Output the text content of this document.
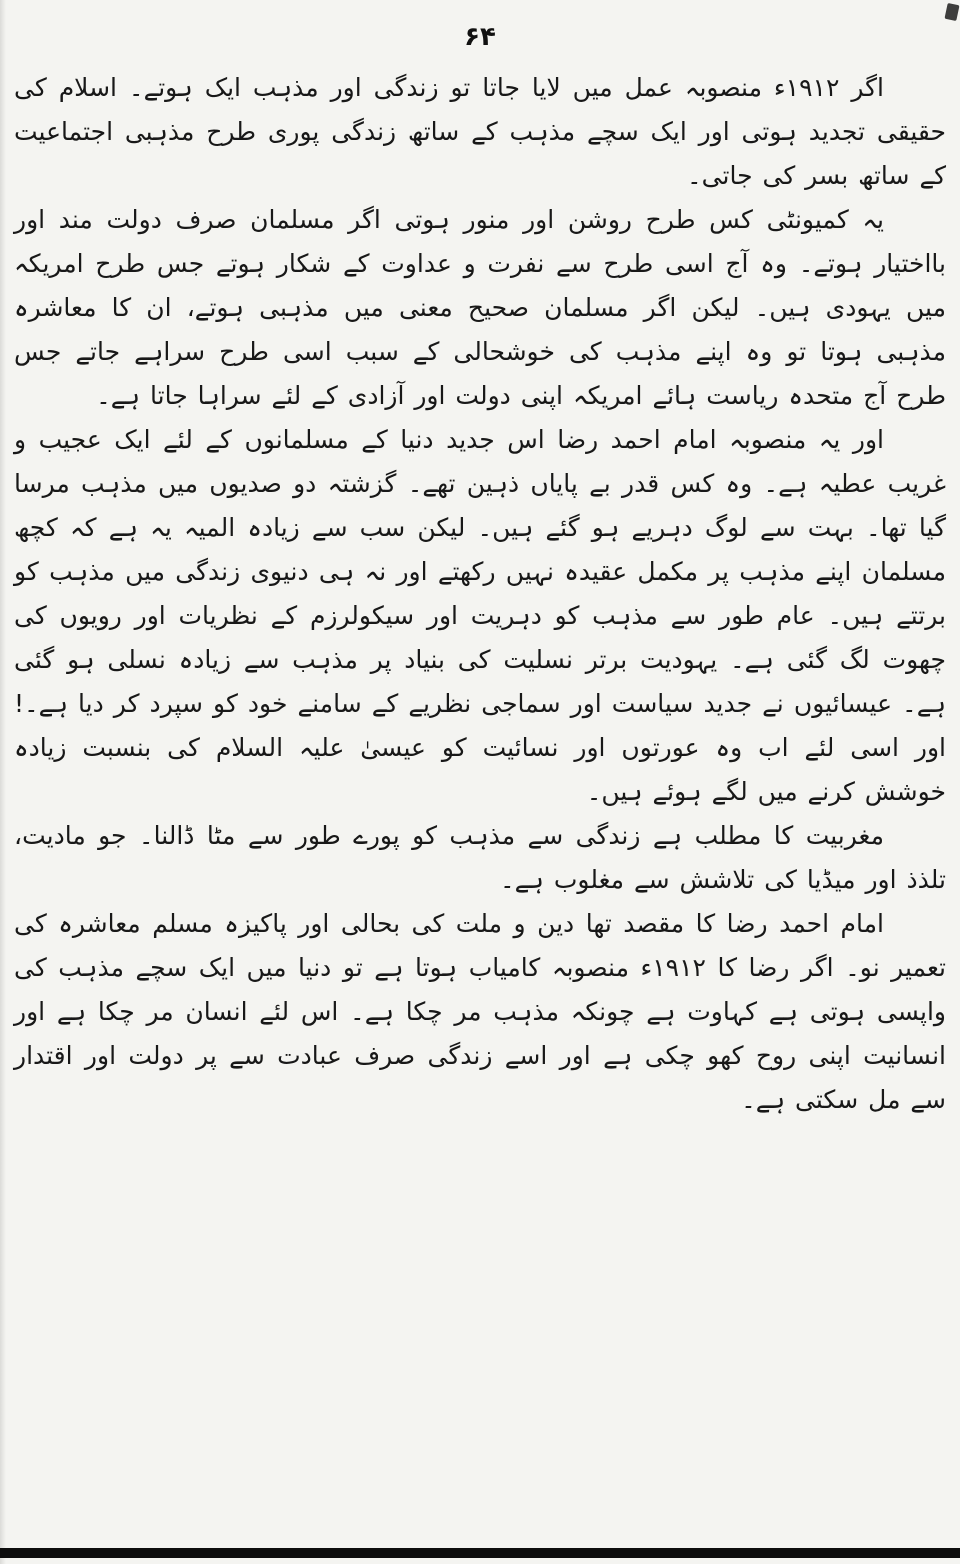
۶۴

اگر ۱۹۱۲ء منصوبہ عمل میں لایا جاتا تو زندگی اور مذہب ایک ہوتے۔ اسلام کی حقیقی تجدید ہوتی اور ایک سچے مذہب کے ساتھ زندگی پوری طرح مذہبی اجتماعیت کے ساتھ بسر کی جاتی۔

یہ کمیونٹی کس طرح روشن اور منور ہوتی اگر مسلمان صرف دولت مند اور بااختیار ہوتے۔ وہ آج اسی طرح سے نفرت و عداوت کے شکار ہوتے جس طرح امریکہ میں یہودی ہیں۔ لیکن اگر مسلمان صحیح معنی میں مذہبی ہوتے، ان کا معاشرہ مذہبی ہوتا تو وہ اپنے مذہب کی خوشحالی کے سبب اسی طرح سراہے جاتے جس طرح آج متحدہ ریاست ہائے امریکہ اپنی دولت اور آزادی کے لئے سراہا جاتا ہے۔

اور یہ منصوبہ امام احمد رضا اس جدید دنیا کے مسلمانوں کے لئے ایک عجیب و غریب عطیہ ہے۔ وہ کس قدر بے پایاں ذہین تھے۔ گزشتہ دو صدیوں میں مذہب مرسا گیا تھا۔ بہت سے لوگ دہریے ہو گئے ہیں۔ لیکن سب سے زیادہ المیہ یہ ہے کہ کچھ مسلمان اپنے مذہب پر مکمل عقیدہ نہیں رکھتے اور نہ ہی دنیوی زندگی میں مذہب کو برتتے ہیں۔ عام طور سے مذہب کو دہریت اور سیکولرزم کے نظریات اور رویوں کی چھوت لگ گئی ہے۔ یہودیت برتر نسلیت کی بنیاد پر مذہب سے زیادہ نسلی ہو گئی ہے۔ عیسائیوں نے جدید سیاست اور سماجی نظریے کے سامنے خود کو سپرد کر دیا ہے۔! اور اسی لئے اب وہ عورتوں اور نسائیت کو عیسیٰ علیہ السلام کی بنسبت زیادہ خوشش کرنے میں لگے ہوئے ہیں۔

مغربیت کا مطلب ہے زندگی سے مذہب کو پورے طور سے مٹا ڈالنا۔ جو مادیت، تلذذ اور میڈیا کی تلاشش سے مغلوب ہے۔

امام احمد رضا کا مقصد تھا دین و ملت کی بحالی اور پاکیزہ مسلم معاشرہ کی تعمیر نو۔ اگر رضا کا ۱۹۱۲ء منصوبہ کامیاب ہوتا ہے تو دنیا میں ایک سچے مذہب کی واپسی ہوتی ہے کہاوت ہے چونکہ مذہب مر چکا ہے۔ اس لئے انسان مر چکا ہے اور انسانیت اپنی روح کھو چکی ہے اور اسے زندگی صرف عبادت سے پر دولت اور اقتدار سے مل سکتی ہے۔
